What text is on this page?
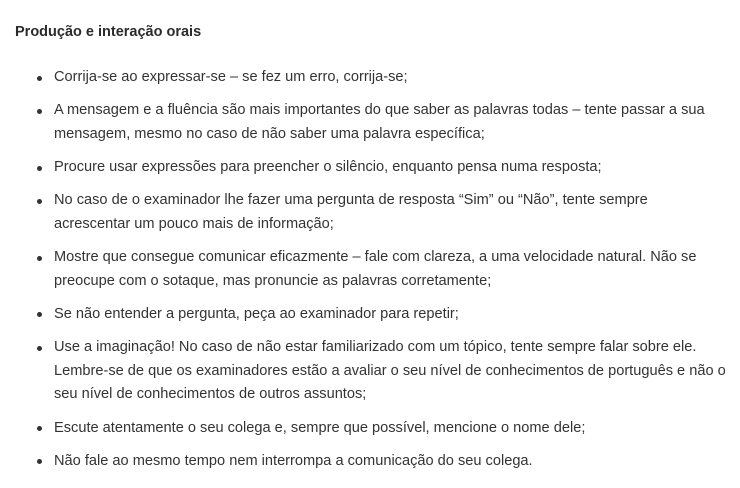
Produção e interação orais
Corrija-se ao expressar-se – se fez um erro, corrija-se;
A mensagem e a fluência são mais importantes do que saber as palavras todas – tente passar a sua mensagem, mesmo no caso de não saber uma palavra específica;
Procure usar expressões para preencher o silêncio, enquanto pensa numa resposta;
No caso de o examinador lhe fazer uma pergunta de resposta “Sim” ou “Não”, tente sempre acrescentar um pouco mais de informação;
Mostre que consegue comunicar eficazmente – fale com clareza, a uma velocidade natural. Não se preocupe com o sotaque, mas pronuncie as palavras corretamente;
Se não entender a pergunta, peça ao examinador para repetir;
Use a imaginação! No caso de não estar familiarizado com um tópico, tente sempre falar sobre ele. Lembre-se de que os examinadores estão a avaliar o seu nível de conhecimentos de português e não o seu nível de conhecimentos de outros assuntos;
Escute atentamente o seu colega e, sempre que possível, mencione o nome dele;
Não fale ao mesmo tempo nem interrompa a comunicação do seu colega.
